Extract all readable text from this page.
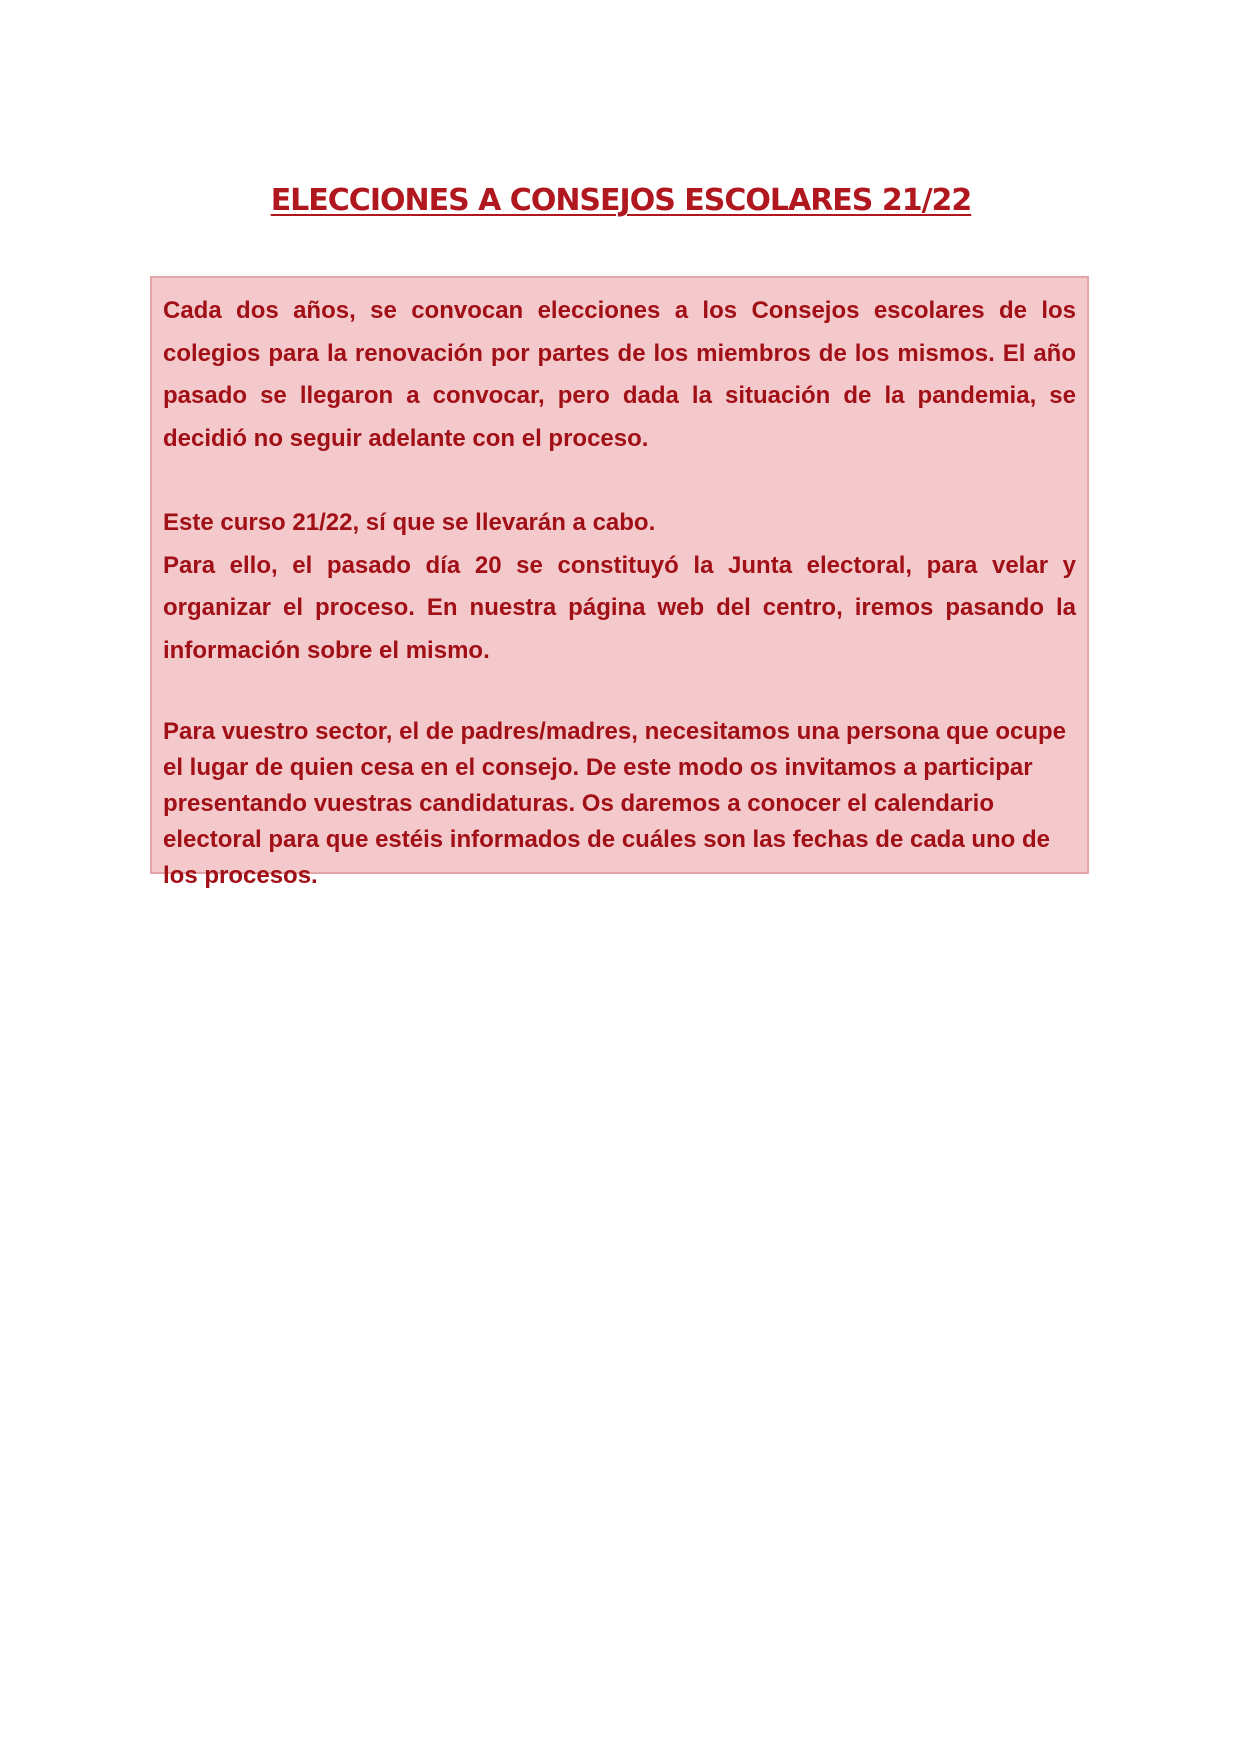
ELECCIONES A CONSEJOS ESCOLARES 21/22

Cada dos años, se convocan elecciones a los Consejos escolares de los colegios para la renovación por partes de los miembros de los mismos. El año pasado se llegaron a convocar, pero dada la situación de la pandemia, se decidió no seguir adelante con el proceso.

Este curso 21/22, sí que se llevarán a cabo.

Para ello, el pasado día 20 se constituyó la Junta electoral, para velar y organizar el proceso. En nuestra página web del centro, iremos pasando la información sobre el mismo.

Para vuestro sector, el de padres/madres, necesitamos una persona que ocupe el lugar de quien cesa en el consejo. De este modo os invitamos a participar presentando vuestras candidaturas. Os daremos a conocer el calendario electoral para que estéis informados de cuáles son las fechas de cada uno de los procesos.
